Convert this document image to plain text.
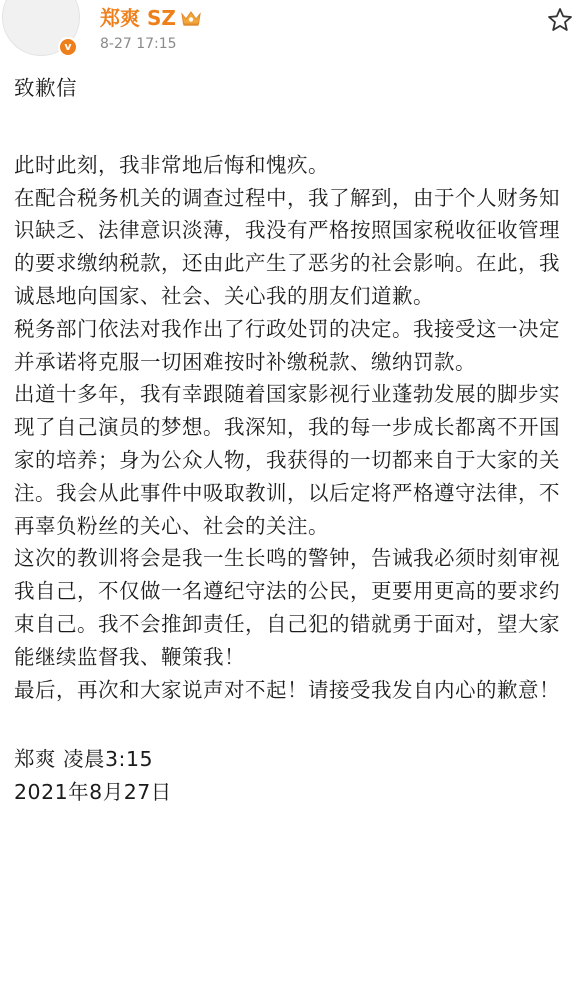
v
郑爽 SZ
8-27 17:15

致歉信

此时此刻，我非常地后悔和愧疚。

在配合税务机关的调查过程中，我了解到，由于个人财务知识缺乏、法律意识淡薄，我没有严格按照国家税收征收管理的要求缴纳税款，还由此产生了恶劣的社会影响。在此，我诚恳地向国家、社会、关心我的朋友们道歉。

税务部门依法对我作出了行政处罚的决定。我接受这一决定并承诺将克服一切困难按时补缴税款、缴纳罚款。

出道十多年，我有幸跟随着国家影视行业蓬勃发展的脚步实现了自己演员的梦想。我深知，我的每一步成长都离不开国家的培养；身为公众人物，我获得的一切都来自于大家的关注。我会从此事件中吸取教训，以后定将严格遵守法律，不再辜负粉丝的关心、社会的关注。

这次的教训将会是我一生长鸣的警钟，告诫我必须时刻审视我自己，不仅做一名遵纪守法的公民，更要用更高的要求约束自己。我不会推卸责任，自己犯的错就勇于面对，望大家能继续监督我、鞭策我！

最后，再次和大家说声对不起！请接受我发自内心的歉意！

郑爽 凌晨3:15

2021年8月27日
